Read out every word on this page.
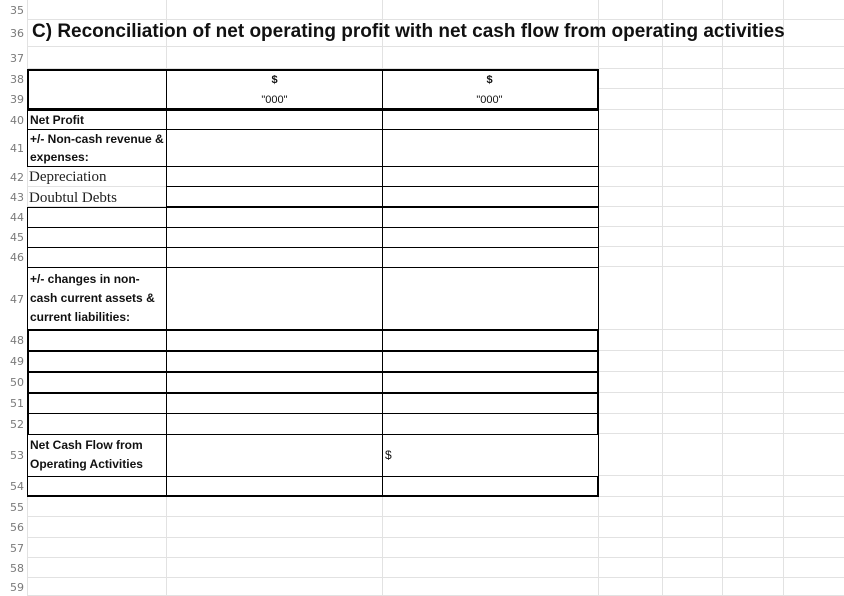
C) Reconciliation of net operating profit with net cash flow from operating activities
$
"000"
$
"000"
Net Profit
+/- Non-cash revenue & expenses:
Depreciation
Doubtul Debts
+/- changes in non-cash current assets & current liabilities:
Net Cash Flow from Operating Activities
$
35
36
37
38
39
40
41
42
43
44
45
46
47
48
49
50
51
52
53
54
55
56
57
58
59
